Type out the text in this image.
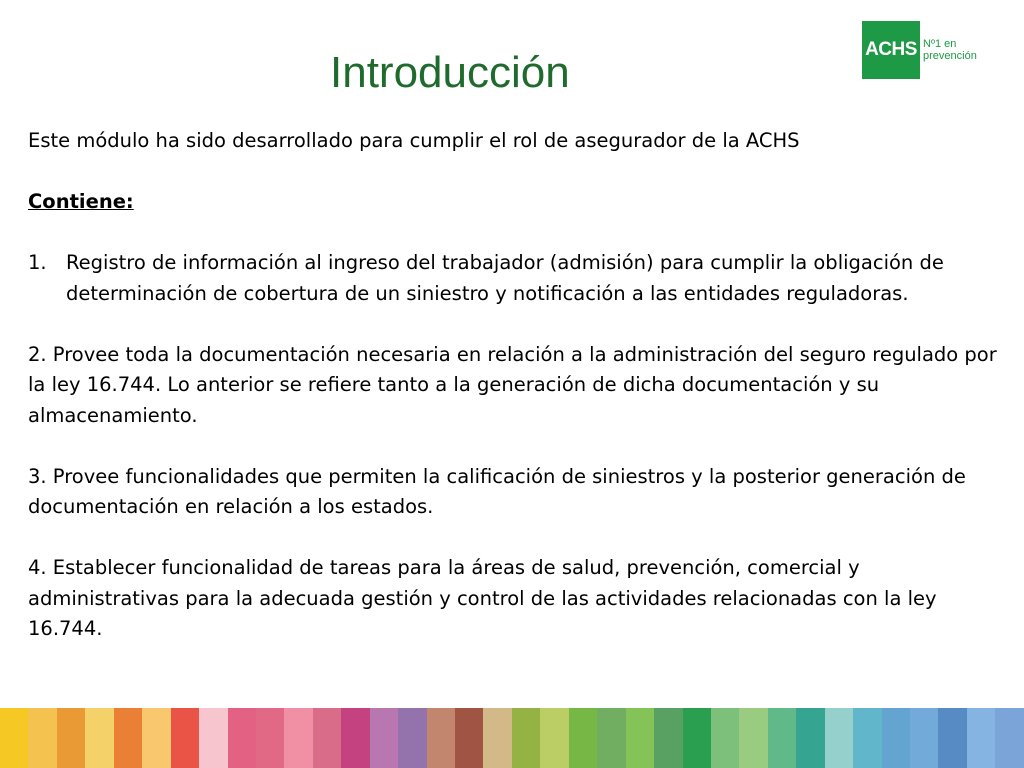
Introducción	ACHS Nº1 en
prevención

Este módulo ha sido desarrollado para cumplir el rol de asegurador de la ACHS

Contiene:

1. Registro de información al ingreso del trabajador (admisión) para cumplir la obligación de determinación de cobertura de un siniestro y notificación a las entidades reguladoras.

2. Provee toda la documentación necesaria en relación a la administración del seguro regulado por la ley 16.744. Lo anterior se refiere tanto a la generación de dicha documentación y su almacenamiento.

3. Provee funcionalidades que permiten la calificación de siniestros y la posterior generación de documentación en relación a los estados.

4. Establecer funcionalidad de tareas para la áreas de salud, prevención, comercial y administrativas para la adecuada gestión y control de las actividades relacionadas con la ley 16.744.
